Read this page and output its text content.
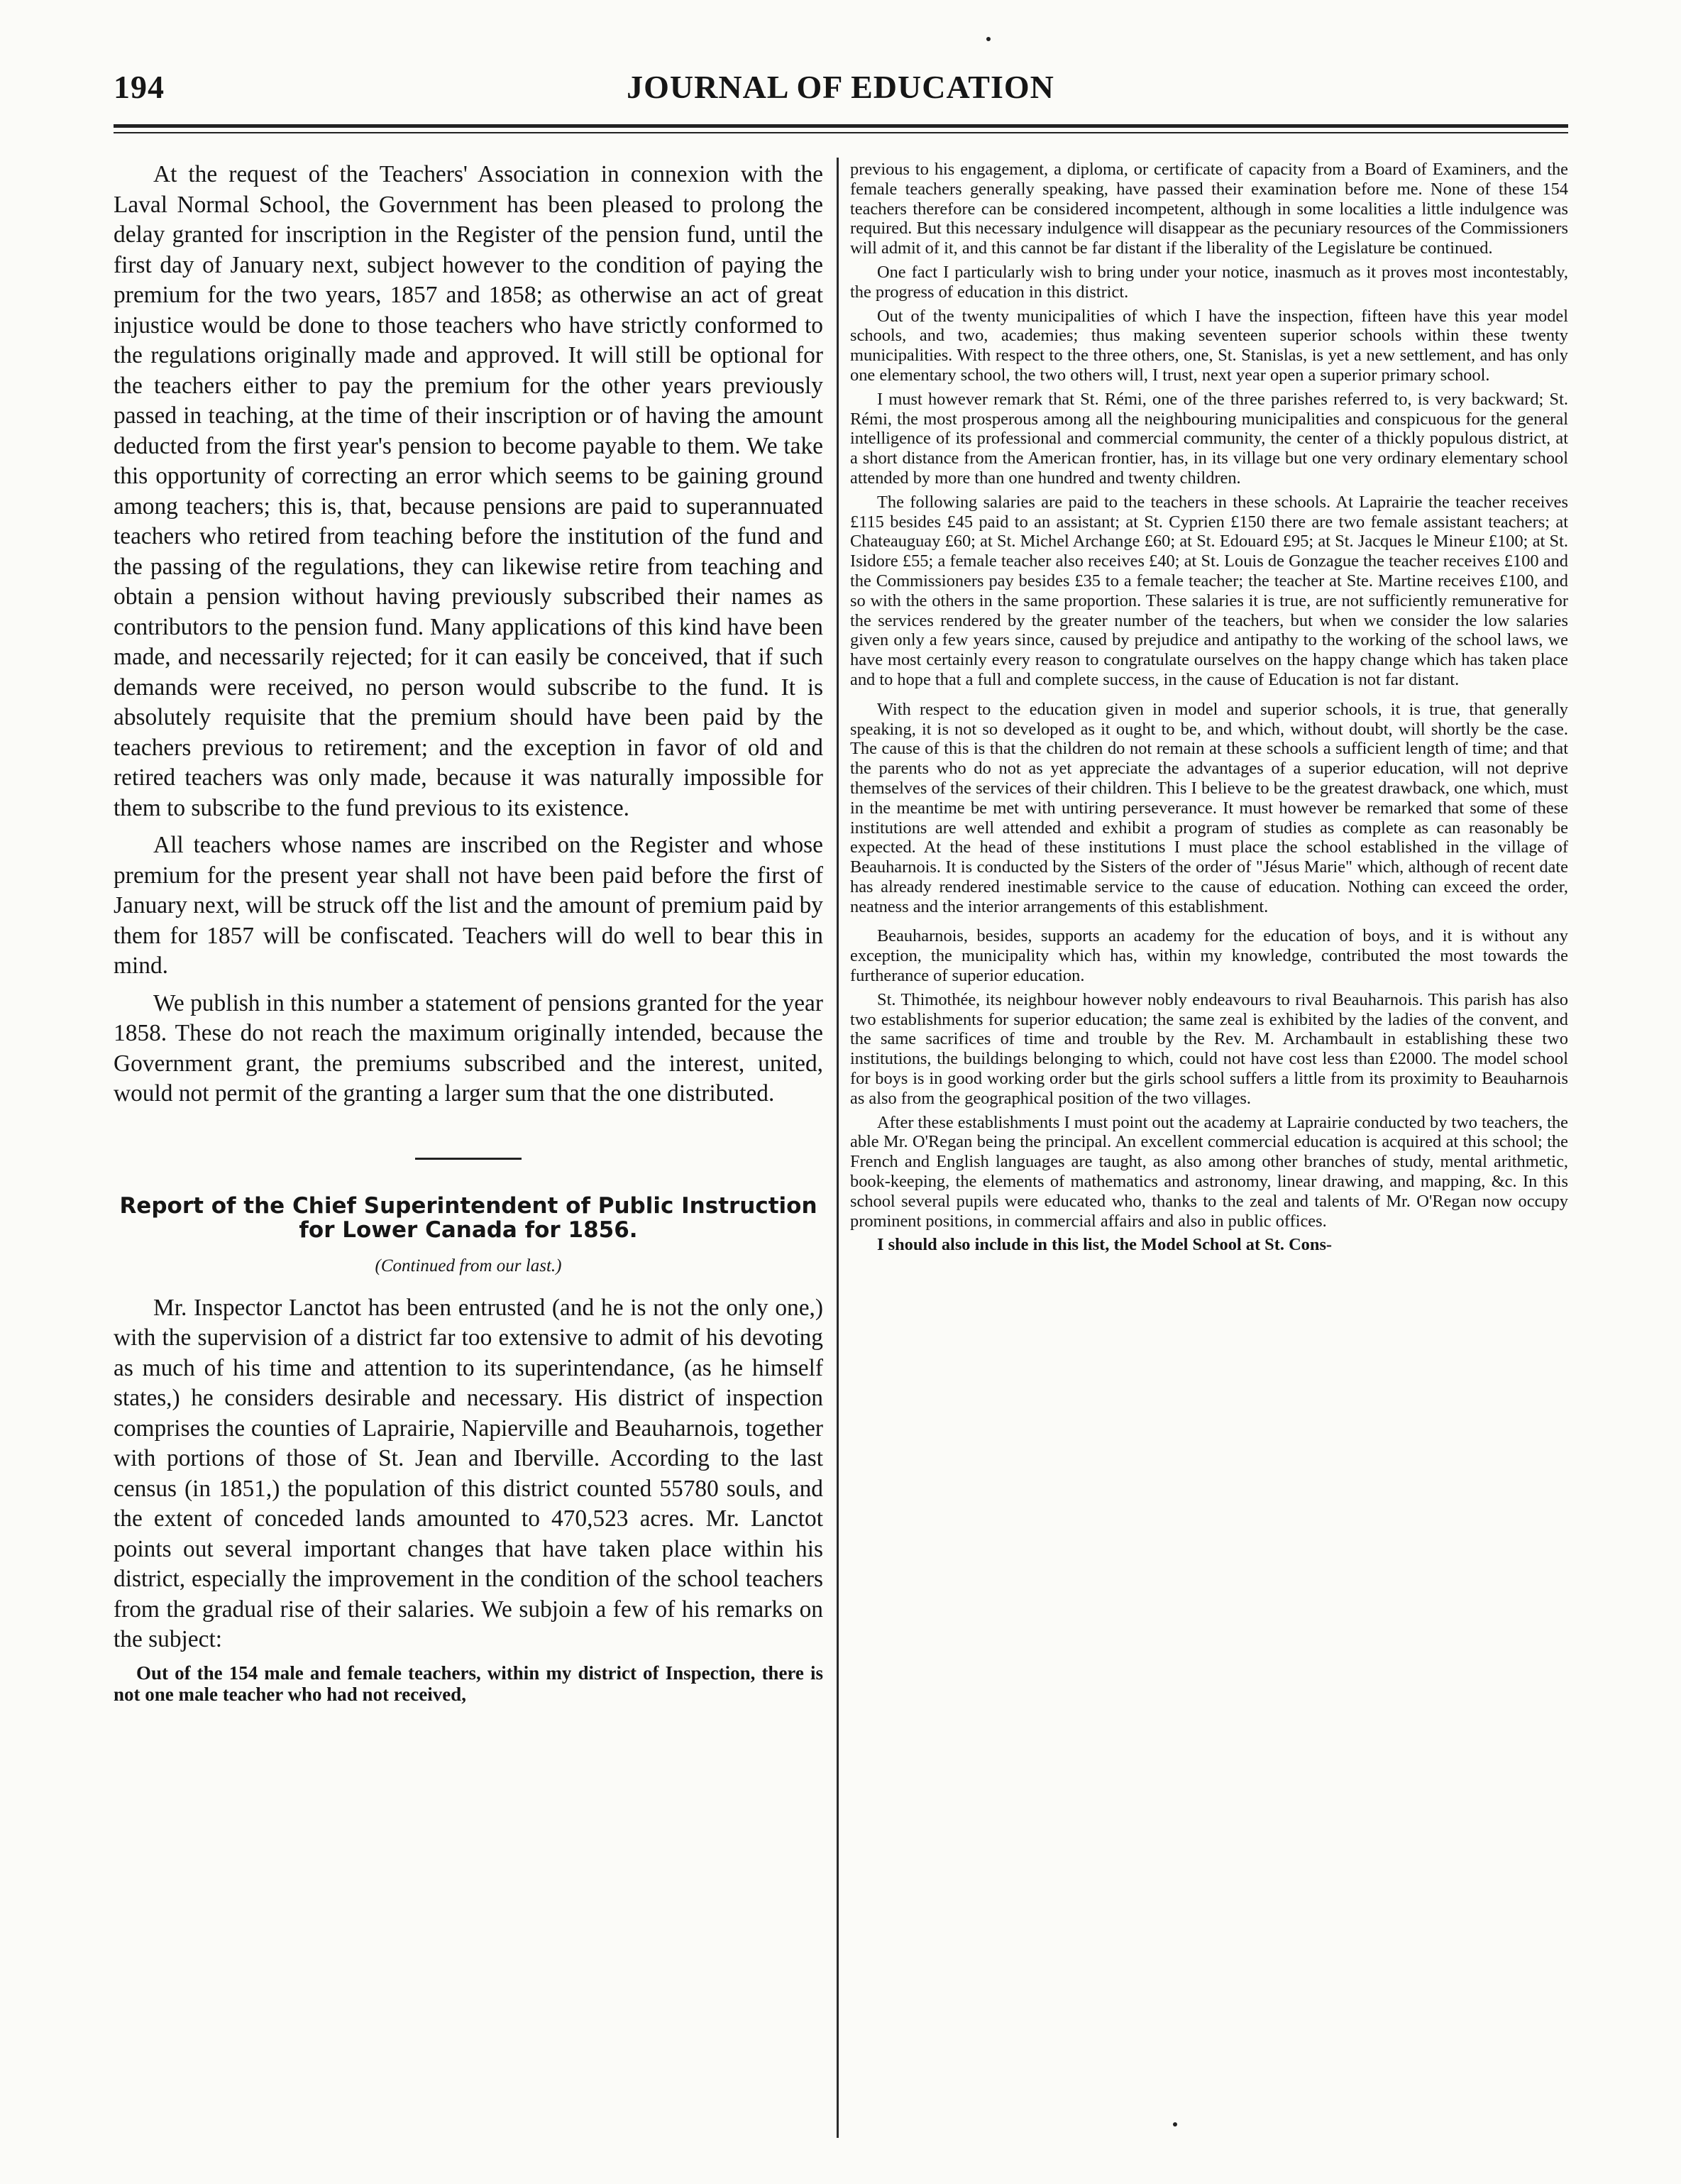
194	JOURNAL OF EDUCATION

At the request of the Teachers' Association in connexion with the Laval Normal School, the Government has been pleased to prolong the delay granted for inscription in the Register of the pension fund, until the first day of January next, subject however to the condition of paying the premium for the two years, 1857 and 1858; as otherwise an act of great injustice would be done to those teachers who have strictly conformed to the regulations originally made and approved. It will still be optional for the teachers either to pay the premium for the other years previously passed in teaching, at the time of their inscription or of having the amount deducted from the first year's pension to become payable to them. We take this opportunity of correcting an error which seems to be gaining ground among teachers; this is, that, because pensions are paid to superannuated teachers who retired from teaching before the institution of the fund and the passing of the regulations, they can likewise retire from teaching and obtain a pension without having previously subscribed their names as contributors to the pension fund. Many applications of this kind have been made, and necessarily rejected; for it can easily be conceived, that if such demands were received, no person would subscribe to the fund. It is absolutely requisite that the premium should have been paid by the teachers previous to retirement; and the exception in favor of old and retired teachers was only made, because it was naturally impossible for them to subscribe to the fund previous to its existence.

All teachers whose names are inscribed on the Register and whose premium for the present year shall not have been paid before the first of January next, will be struck off the list and the amount of premium paid by them for 1857 will be confiscated. Teachers will do well to bear this in mind.

We publish in this number a statement of pensions granted for the year 1858. These do not reach the maximum originally intended, because the Government grant, the premiums subscribed and the interest, united, would not permit of the granting a larger sum that the one distributed.

Report of the Chief Superintendent of Public Instruction for Lower Canada for 1856.

(Continued from our last.)

Mr. Inspector Lanctot has been entrusted (and he is not the only one,) with the supervision of a district far too extensive to admit of his devoting as much of his time and attention to its superintendance, (as he himself states,) he considers desirable and necessary. His district of inspection comprises the counties of Laprairie, Napierville and Beauharnois, together with portions of those of St. Jean and Iberville. According to the last census (in 1851,) the population of this district counted 55780 souls, and the extent of conceded lands amounted to 470,523 acres. Mr. Lanctot points out several important changes that have taken place within his district, especially the improvement in the condition of the school teachers from the gradual rise of their salaries. We subjoin a few of his remarks on the subject:

Out of the 154 male and female teachers, within my district of Inspection, there is not one male teacher who had not received,

previous to his engagement, a diploma, or certificate of capacity from a Board of Examiners, and the female teachers generally speaking, have passed their examination before me. None of these 154 teachers therefore can be considered incompetent, although in some localities a little indulgence was required. But this necessary indulgence will disappear as the pecuniary resources of the Commissioners will admit of it, and this cannot be far distant if the liberality of the Legislature be continued.

One fact I particularly wish to bring under your notice, inasmuch as it proves most incontestably, the progress of education in this district.

Out of the twenty municipalities of which I have the inspection, fifteen have this year model schools, and two, academies; thus making seventeen superior schools within these twenty municipalities. With respect to the three others, one, St. Stanislas, is yet a new settlement, and has only one elementary school, the two others will, I trust, next year open a superior primary school.

I must however remark that St. Rémi, one of the three parishes referred to, is very backward; St. Rémi, the most prosperous among all the neighbouring municipalities and conspicuous for the general intelligence of its professional and commercial community, the center of a thickly populous district, at a short distance from the American frontier, has, in its village but one very ordinary elementary school attended by more than one hundred and twenty children.

The following salaries are paid to the teachers in these schools. At Laprairie the teacher receives £115 besides £45 paid to an assistant; at St. Cyprien £150 there are two female assistant teachers; at Chateauguay £60; at St. Michel Archange £60; at St. Edouard £95; at St. Jacques le Mineur £100; at St. Isidore £55; a female teacher also receives £40; at St. Louis de Gonzague the teacher receives £100 and the Commissioners pay besides £35 to a female teacher; the teacher at Ste. Martine receives £100, and so with the others in the same proportion. These salaries it is true, are not sufficiently remunerative for the services rendered by the greater number of the teachers, but when we consider the low salaries given only a few years since, caused by prejudice and antipathy to the working of the school laws, we have most certainly every reason to congratulate ourselves on the happy change which has taken place and to hope that a full and complete success, in the cause of Education is not far distant.

With respect to the education given in model and superior schools, it is true, that generally speaking, it is not so developed as it ought to be, and which, without doubt, will shortly be the case. The cause of this is that the children do not remain at these schools a sufficient length of time; and that the parents who do not as yet appreciate the advantages of a superior education, will not deprive themselves of the services of their children. This I believe to be the greatest drawback, one which, must in the meantime be met with untiring perseverance. It must however be remarked that some of these institutions are well attended and exhibit a program of studies as complete as can reasonably be expected. At the head of these institutions I must place the school established in the village of Beauharnois. It is conducted by the Sisters of the order of "Jésus Marie" which, although of recent date has already rendered inestimable service to the cause of education. Nothing can exceed the order, neatness and the interior arrangements of this establishment.

Beauharnois, besides, supports an academy for the education of boys, and it is without any exception, the municipality which has, within my knowledge, contributed the most towards the furtherance of superior education.

St. Thimothée, its neighbour however nobly endeavours to rival Beauharnois. This parish has also two establishments for superior education; the same zeal is exhibited by the ladies of the convent, and the same sacrifices of time and trouble by the Rev. M. Archambault in establishing these two institutions, the buildings belonging to which, could not have cost less than £2000. The model school for boys is in good working order but the girls school suffers a little from its proximity to Beauharnois as also from the geographical position of the two villages.

After these establishments I must point out the academy at Laprairie conducted by two teachers, the able Mr. O'Regan being the principal. An excellent commercial education is acquired at this school; the French and English languages are taught, as also among other branches of study, mental arithmetic, book-keeping, the elements of mathematics and astronomy, linear drawing, and mapping, &c. In this school several pupils were educated who, thanks to the zeal and talents of Mr. O'Regan now occupy prominent positions, in commercial affairs and also in public offices.

I should also include in this list, the Model School at St. Cons-
